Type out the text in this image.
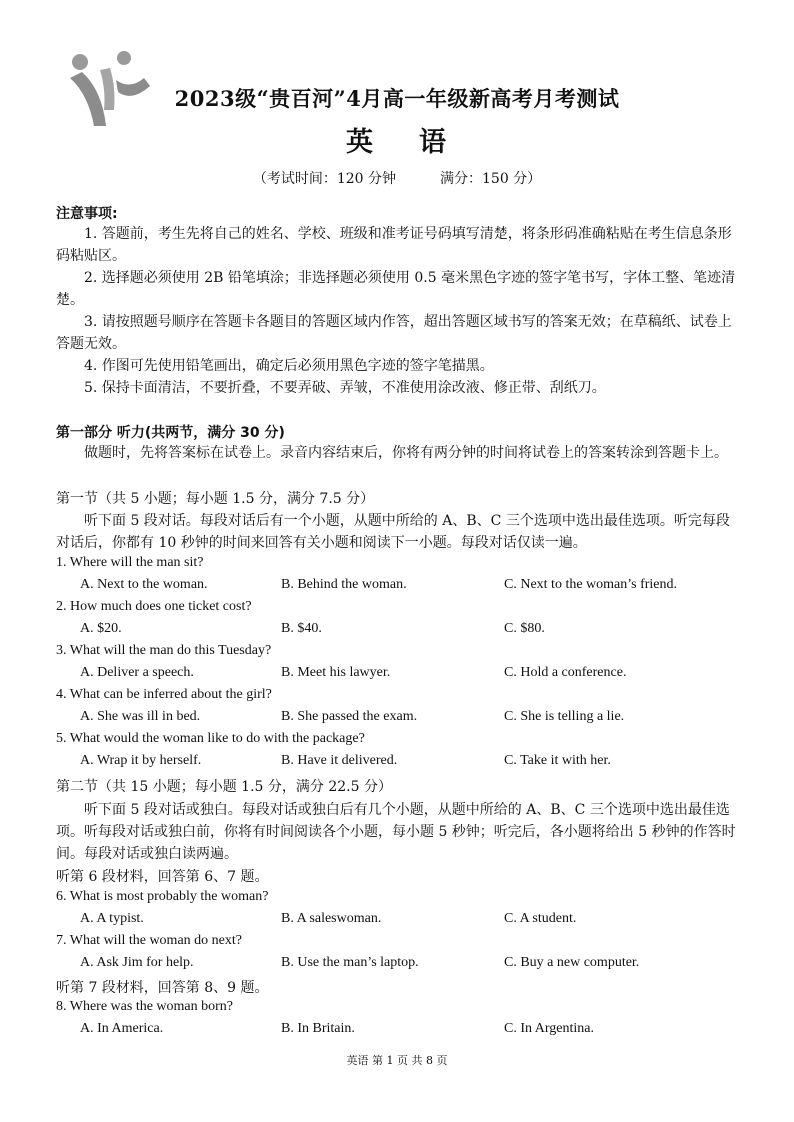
2023级“贵百河”4月高一年级新高考月考测试
英 语
（考试时间：120 分钟	满分：150 分）
注意事项:
1. 答题前，考生先将自己的姓名、学校、班级和准考证号码填写清楚，将条形码准确粘贴在考生信息条形码粘贴区。
2. 选择题必须使用 2B 铅笔填涂；非选择题必须使用 0.5 毫米黑色字迹的签字笔书写，字体工整、笔迹清楚。
3. 请按照题号顺序在答题卡各题目的答题区域内作答，超出答题区域书写的答案无效；在草稿纸、试卷上答题无效。
4. 作图可先使用铅笔画出，确定后必须用黑色字迹的签字笔描黑。
5. 保持卡面清洁，不要折叠，不要弄破、弄皱，不准使用涂改液、修正带、刮纸刀。
第一部分 听力(共两节，满分 30 分)
做题时，先将答案标在试卷上。录音内容结束后，你将有两分钟的时间将试卷上的答案转涂到答题卡上。
第一节（共 5 小题；每小题 1.5 分，满分 7.5 分）
听下面 5 段对话。每段对话后有一个小题，从题中所给的 A、B、C 三个选项中选出最佳选项。听完每段对话后，你都有 10 秒钟的时间来回答有关小题和阅读下一小题。每段对话仅读一遍。
1. Where will the man sit?
A. Next to the woman.	B. Behind the woman.	C. Next to the woman’s friend.
2. How much does one ticket cost?
A. $20.	B. $40.	C. $80.
3. What will the man do this Tuesday?
A. Deliver a speech.	B. Meet his lawyer.	C. Hold a conference.
4. What can be inferred about the girl?
A. She was ill in bed.	B. She passed the exam.	C. She is telling a lie.
5. What would the woman like to do with the package?
A. Wrap it by herself.	B. Have it delivered.	C. Take it with her.
第二节（共 15 小题；每小题 1.5 分，满分 22.5 分）
听下面 5 段对话或独白。每段对话或独白后有几个小题，从题中所给的 A、B、C 三个选项中选出最佳选项。听每段对话或独白前，你将有时间阅读各个小题，每小题 5 秒钟；听完后，各小题将给出 5 秒钟的作答时间。每段对话或独白读两遍。
听第 6 段材料，回答第 6、7 题。
6. What is most probably the woman?
A. A typist.	B. A saleswoman.	C. A student.
7. What will the woman do next?
A. Ask Jim for help.	B. Use the man’s laptop.	C. Buy a new computer.
听第 7 段材料，回答第 8、9 题。
8. Where was the woman born?
A. In America.	B. In Britain.	C. In Argentina.
英语 第 1 页 共 8 页
